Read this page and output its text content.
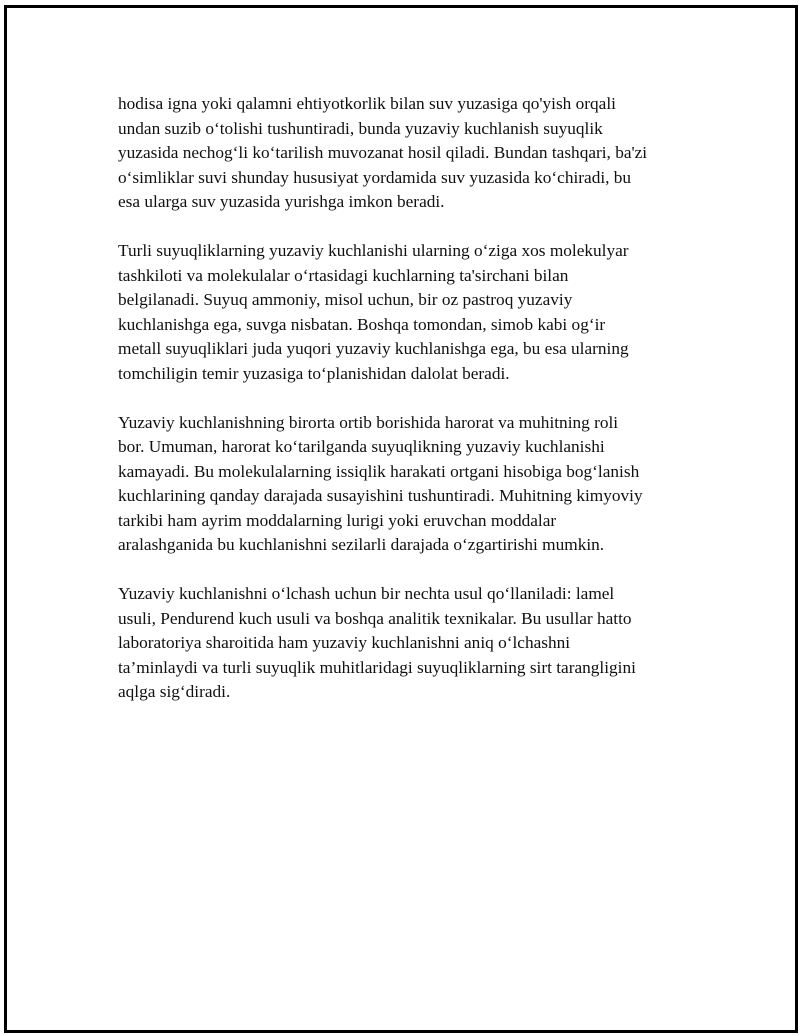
hodisa igna yoki qalamni ehtiyotkorlik bilan suv yuzasiga qo'yish orqali
undan suzib o‘tolishi tushuntiradi, bunda yuzaviy kuchlanish suyuqlik
yuzasida nechog‘li ko‘tarilish muvozanat hosil qiladi. Bundan tashqari, ba'zi
o‘simliklar suvi shunday hususiyat yordamida suv yuzasida ko‘chiradi, bu
esa ularga suv yuzasida yurishga imkon beradi.

Turli suyuqliklarning yuzaviy kuchlanishi ularning o‘ziga xos molekulyar
tashkiloti va molekulalar o‘rtasidagi kuchlarning ta'sirchani bilan
belgilanadi. Suyuq ammoniy, misol uchun, bir oz pastroq yuzaviy
kuchlanishga ega, suvga nisbatan. Boshqa tomondan, simob kabi og‘ir
metall suyuqliklari juda yuqori yuzaviy kuchlanishga ega, bu esa ularning
tomchiligin temir yuzasiga to‘planishidan dalolat beradi.

Yuzaviy kuchlanishning birorta ortib borishida harorat va muhitning roli
bor. Umuman, harorat ko‘tarilganda suyuqlikning yuzaviy kuchlanishi
kamayadi. Bu molekulalarning issiqlik harakati ortgani hisobiga bog‘lanish
kuchlarining qanday darajada susayishini tushuntiradi. Muhitning kimyoviy
tarkibi ham ayrim moddalarning lurigi yoki eruvchan moddalar
aralashganida bu kuchlanishni sezilarli darajada o‘zgartirishi mumkin.

Yuzaviy kuchlanishni o‘lchash uchun bir nechta usul qo‘llaniladi: lamel
usuli, Pendurend kuch usuli va boshqa analitik texnikalar. Bu usullar hatto
laboratoriya sharoitida ham yuzaviy kuchlanishni aniq o‘lchashni
ta’minlaydi va turli suyuqlik muhitlaridagi suyuqliklarning sirt tarangligini
aqlga sig‘diradi.
